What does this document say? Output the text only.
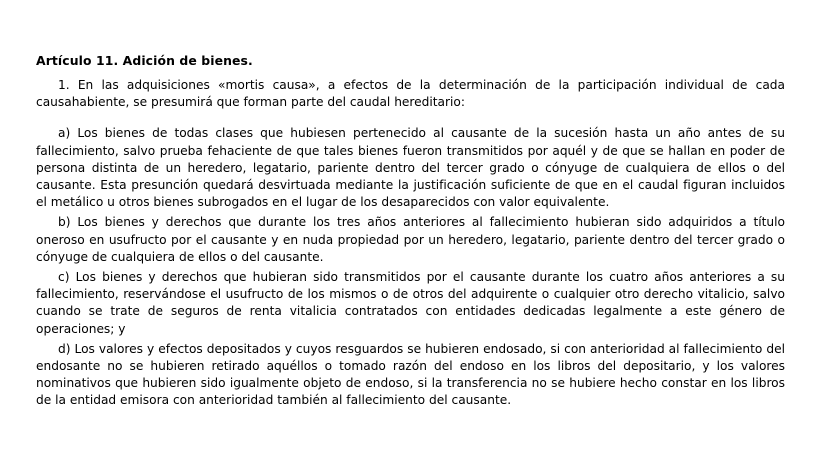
Artículo 11. Adición de bienes.

1. En las adquisiciones «mortis causa», a efectos de la determinación de la participación individual de cada causahabiente, se presumirá que forman parte del caudal hereditario:

a) Los bienes de todas clases que hubiesen pertenecido al causante de la sucesión hasta un año antes de su fallecimiento, salvo prueba fehaciente de que tales bienes fueron transmitidos por aquél y de que se hallan en poder de persona distinta de un heredero, legatario, pariente dentro del tercer grado o cónyuge de cualquiera de ellos o del causante. Esta presunción quedará desvirtuada mediante la justificación suficiente de que en el caudal figuran incluidos el metálico u otros bienes subrogados en el lugar de los desaparecidos con valor equivalente.

b) Los bienes y derechos que durante los tres años anteriores al fallecimiento hubieran sido adquiridos a título oneroso en usufructo por el causante y en nuda propiedad por un heredero, legatario, pariente dentro del tercer grado o cónyuge de cualquiera de ellos o del causante.

c) Los bienes y derechos que hubieran sido transmitidos por el causante durante los cuatro años anteriores a su fallecimiento, reservándose el usufructo de los mismos o de otros del adquirente o cualquier otro derecho vitalicio, salvo cuando se trate de seguros de renta vitalicia contratados con entidades dedicadas legalmente a este género de operaciones; y

d) Los valores y efectos depositados y cuyos resguardos se hubieren endosado, si con anterioridad al fallecimiento del endosante no se hubieren retirado aquéllos o tomado razón del endoso en los libros del depositario, y los valores nominativos que hubieren sido igualmente objeto de endoso, si la transferencia no se hubiere hecho constar en los libros de la entidad emisora con anterioridad también al fallecimiento del causante.
